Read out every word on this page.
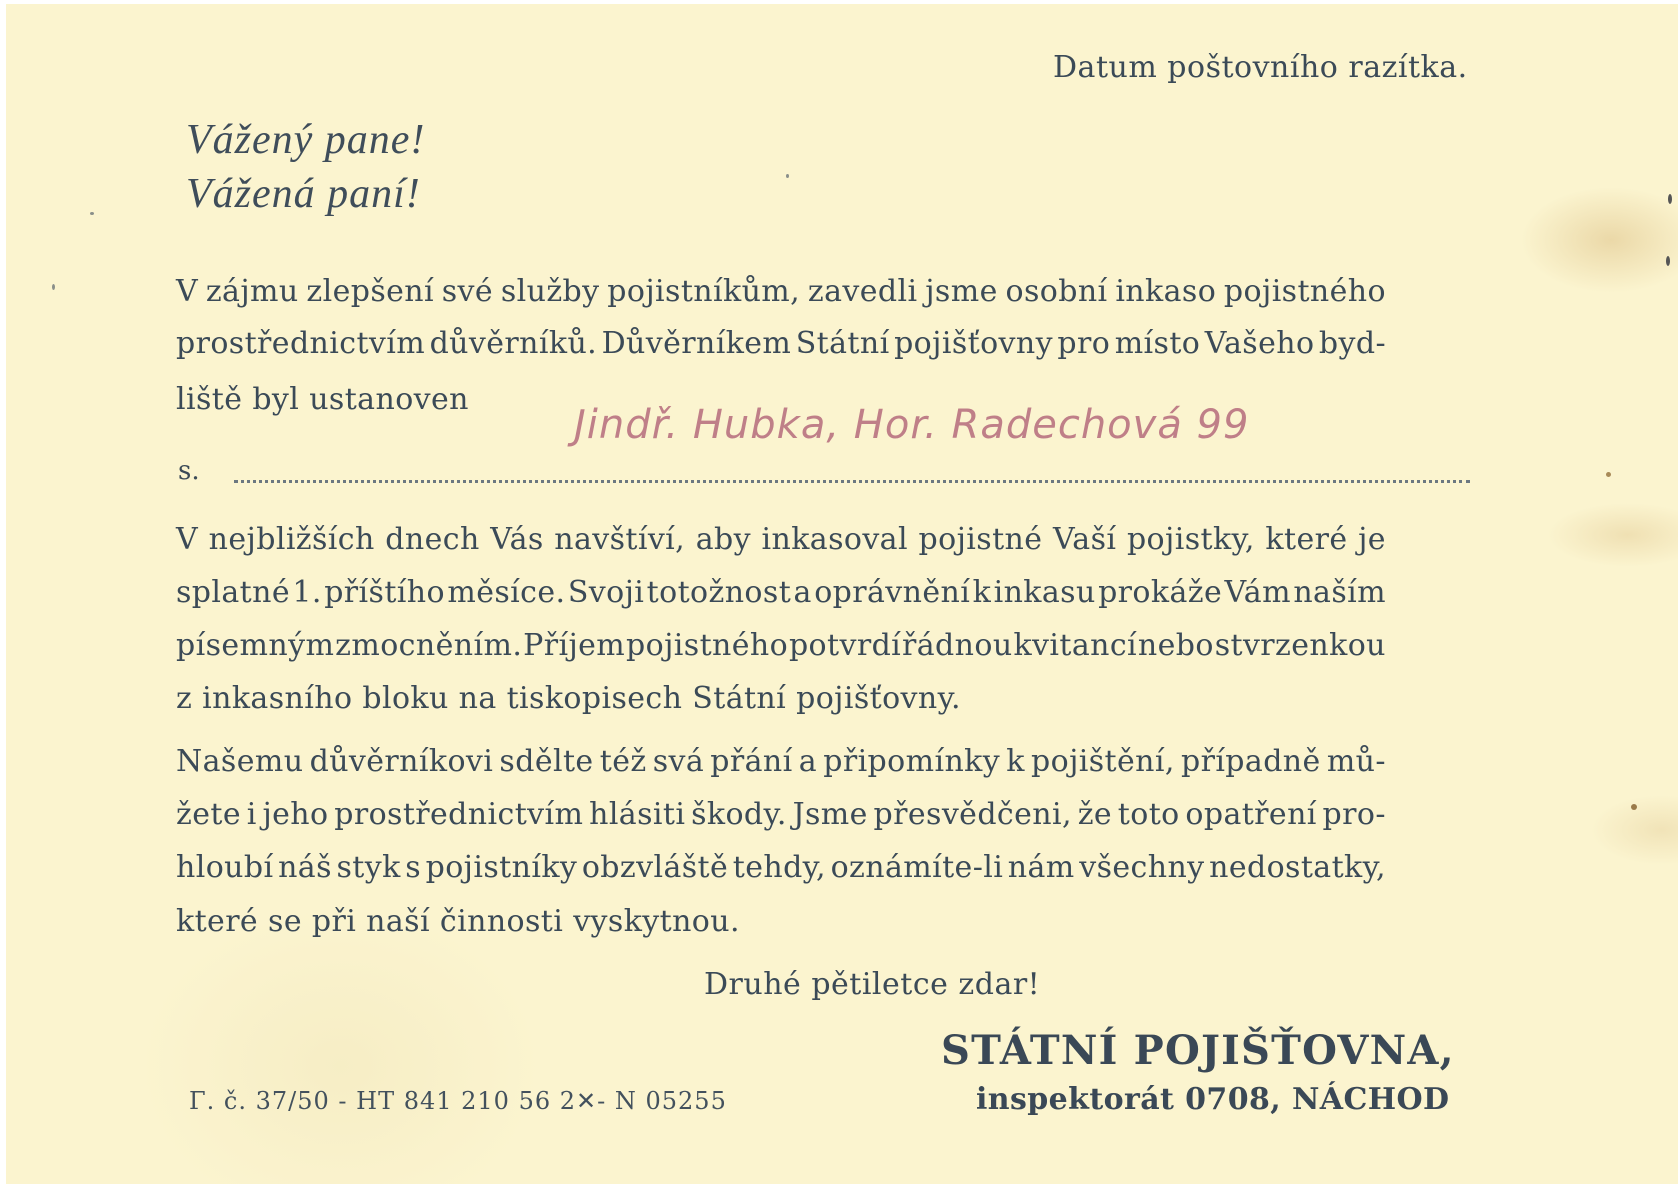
Datum poštovního razítka.

Vážený pane!

Vážená paní!

V zájmu zlepšení své služby pojistníkům, zavedli jsme osobní inkaso pojistného

prostřednictvím důvěrníků. Důvěrníkem Státní pojišťovny pro místo Vašeho byd-

liště byl ustanoven

Jindř. Hubka, Hor. Radechová 99

s.

V nejbližších dnech Vás navštíví, aby inkasoval pojistné Vaší pojistky, které je

splatné 1. příštího měsíce. Svoji totožnost a oprávnění k inkasu prokáže Vám naším

písemným zmocněním. Příjem pojistného potvrdí řádnou kvitancí nebo stvrzenkou

z inkasního bloku na tiskopisech Státní pojišťovny.

Našemu důvěrníkovi sdělte též svá přání a připomínky k pojištění, případně mů-

žete i jeho prostřednictvím hlásiti škody. Jsme přesvědčeni, že toto opatření pro-

hloubí náš styk s pojistníky obzvláště tehdy, oznámíte-li nám všechny nedostatky,

které se při naší činnosti vyskytnou.

Druhé pětiletce zdar!

STÁTNÍ POJIŠŤOVNA,

inspektorát 0708, NÁCHOD

Γ. č. 37/50 - HT 841 210 56 2✕- N 05255
